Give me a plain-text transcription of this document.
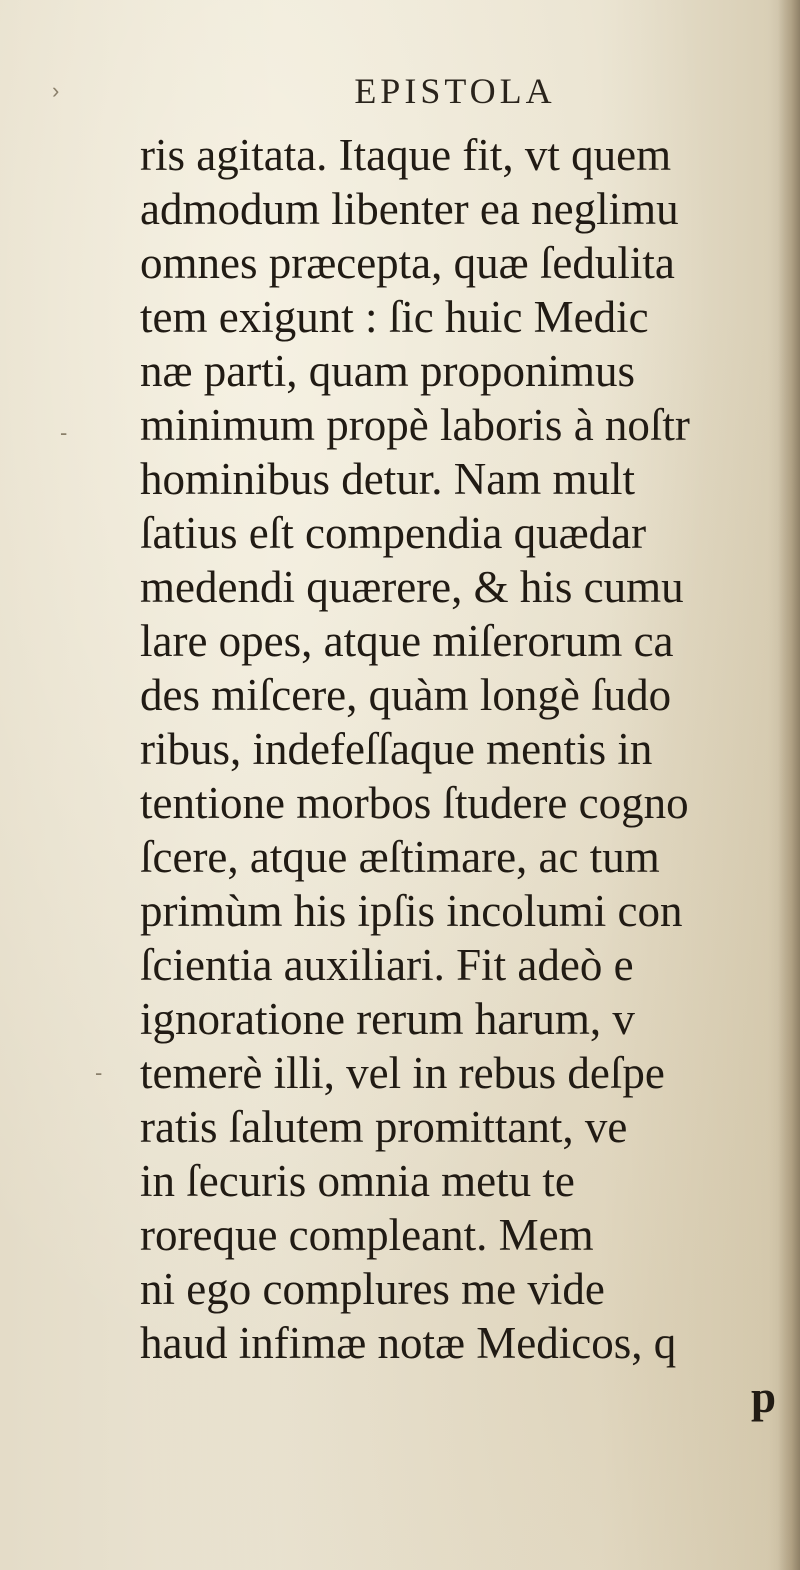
›
-
-
EPISTOLA
ris agitata. Itaque fit, vt quem
admodum libenter ea neglimu
omnes præcepta, quæ ſedulita
tem exigunt : ſic huic Medic
næ parti, quam proponimus
minimum propè laboris à noſtr
hominibus detur. Nam mult
ſatius eſt compendia quædar
medendi quærere, & his cumu
lare opes, atque miſerorum ca
des miſcere, quàm longè ſudo
ribus, indefeſſaque mentis in
tentione morbos ſtudere cogno
ſcere, atque æſtimare, ac tum
primùm his ipſis incolumi con
ſcientia auxiliari. Fit adeò e
ignoratione rerum harum, v
temerè illi, vel in rebus deſpe
ratis ſalutem promittant, ve
in ſecuris omnia metu te
roreque compleant. Mem
ni ego complures me vide
haud infimæ notæ Medicos, q
p
